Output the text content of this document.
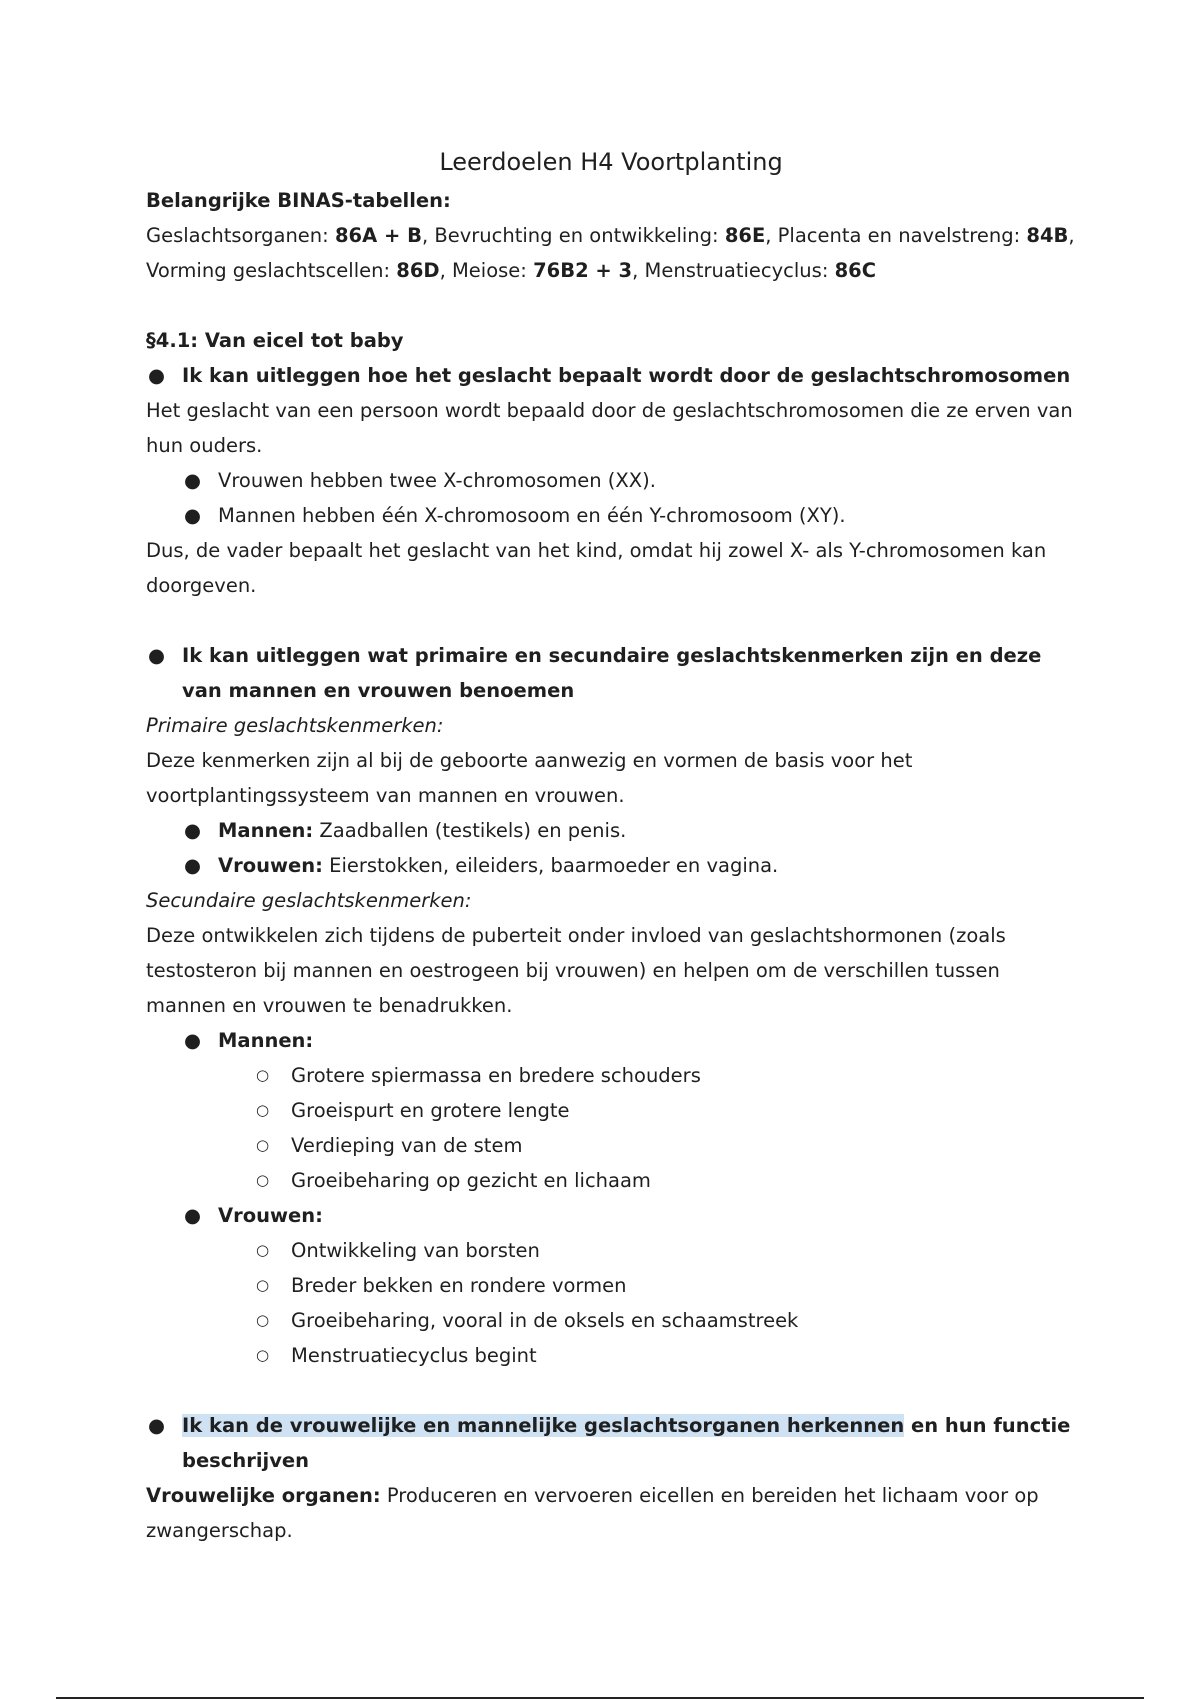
Leerdoelen H4 Voortplanting

Belangrijke BINAS-tabellen:

Geslachtsorganen: 86A + B, Bevruchting en ontwikkeling: 86E, Placenta en navelstreng: 84B, Vorming geslachtscellen: 86D, Meiose: 76B2 + 3, Menstruatiecyclus: 86C

§4.1: Van eicel tot baby

● Ik kan uitleggen hoe het geslacht bepaalt wordt door de geslachtschromosomen

Het geslacht van een persoon wordt bepaald door de geslachtschromosomen die ze erven van hun ouders.

● Vrouwen hebben twee X-chromosomen (XX).
● Mannen hebben één X-chromosoom en één Y-chromosoom (XY).

Dus, de vader bepaalt het geslacht van het kind, omdat hij zowel X- als Y-chromosomen kan doorgeven.

● Ik kan uitleggen wat primaire en secundaire geslachtskenmerken zijn en deze van mannen en vrouwen benoemen

Primaire geslachtskenmerken:

Deze kenmerken zijn al bij de geboorte aanwezig en vormen de basis voor het voortplantingssysteem van mannen en vrouwen.

● Mannen: Zaadballen (testikels) en penis.
● Vrouwen: Eierstokken, eileiders, baarmoeder en vagina.

Secundaire geslachtskenmerken:

Deze ontwikkelen zich tijdens de puberteit onder invloed van geslachtshormonen (zoals testosteron bij mannen en oestrogeen bij vrouwen) en helpen om de verschillen tussen mannen en vrouwen te benadrukken.

● Mannen:
○ Grotere spiermassa en bredere schouders
○ Groeispurt en grotere lengte
○ Verdieping van de stem
○ Groeibeharing op gezicht en lichaam
● Vrouwen:
○ Ontwikkeling van borsten
○ Breder bekken en rondere vormen
○ Groeibeharing, vooral in de oksels en schaamstreek
○ Menstruatiecyclus begint
● Ik kan de vrouwelijke en mannelijke geslachtsorganen herkennen en hun functie beschrijven

Vrouwelijke organen: Produceren en vervoeren eicellen en bereiden het lichaam voor op zwangerschap.
